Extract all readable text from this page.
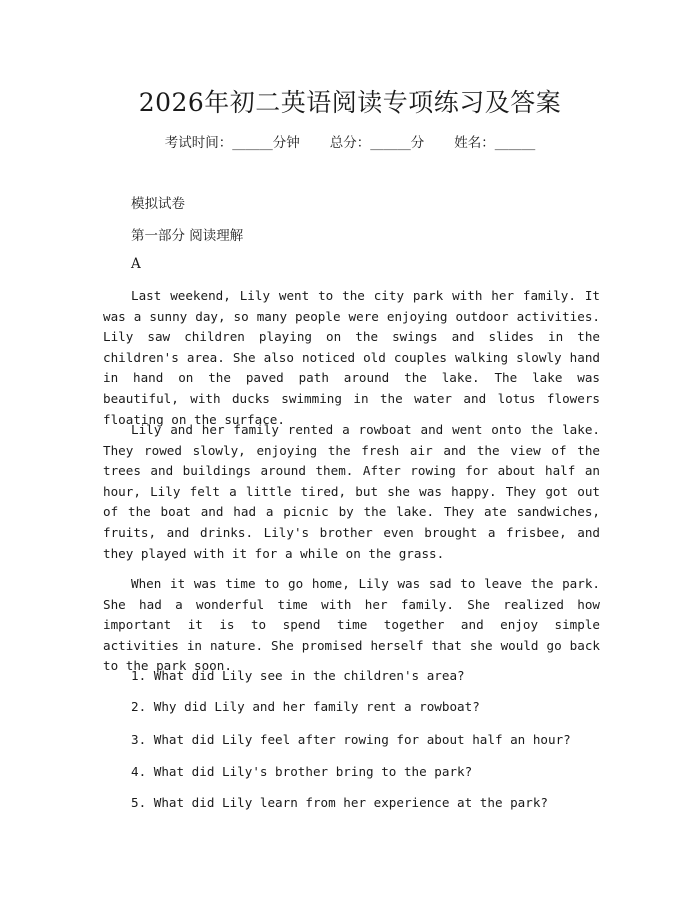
2026年初二英语阅读专项练习及答案
考试时间：______分钟 总分：______分 姓名：______
模拟试卷
第一部分 阅读理解
A

Last weekend, Lily went to the city park with her family. It was a sunny day, so many people were enjoying outdoor activities. Lily saw children playing on the swings and slides in the children's area. She also noticed old couples walking slowly hand in hand on the paved path around the lake. The lake was beautiful, with ducks swimming in the water and lotus flowers floating on the surface.

Lily and her family rented a rowboat and went onto the lake. They rowed slowly, enjoying the fresh air and the view of the trees and buildings around them. After rowing for about half an hour, Lily felt a little tired, but she was happy. They got out of the boat and had a picnic by the lake. They ate sandwiches, fruits, and drinks. Lily's brother even brought a frisbee, and they played with it for a while on the grass.

When it was time to go home, Lily was sad to leave the park. She had a wonderful time with her family. She realized how important it is to spend time together and enjoy simple activities in nature. She promised herself that she would go back to the park soon.

1. What did Lily see in the children's area?
2. Why did Lily and her family rent a rowboat?
3. What did Lily feel after rowing for about half an hour?
4. What did Lily's brother bring to the park?
5. What did Lily learn from her experience at the park?
